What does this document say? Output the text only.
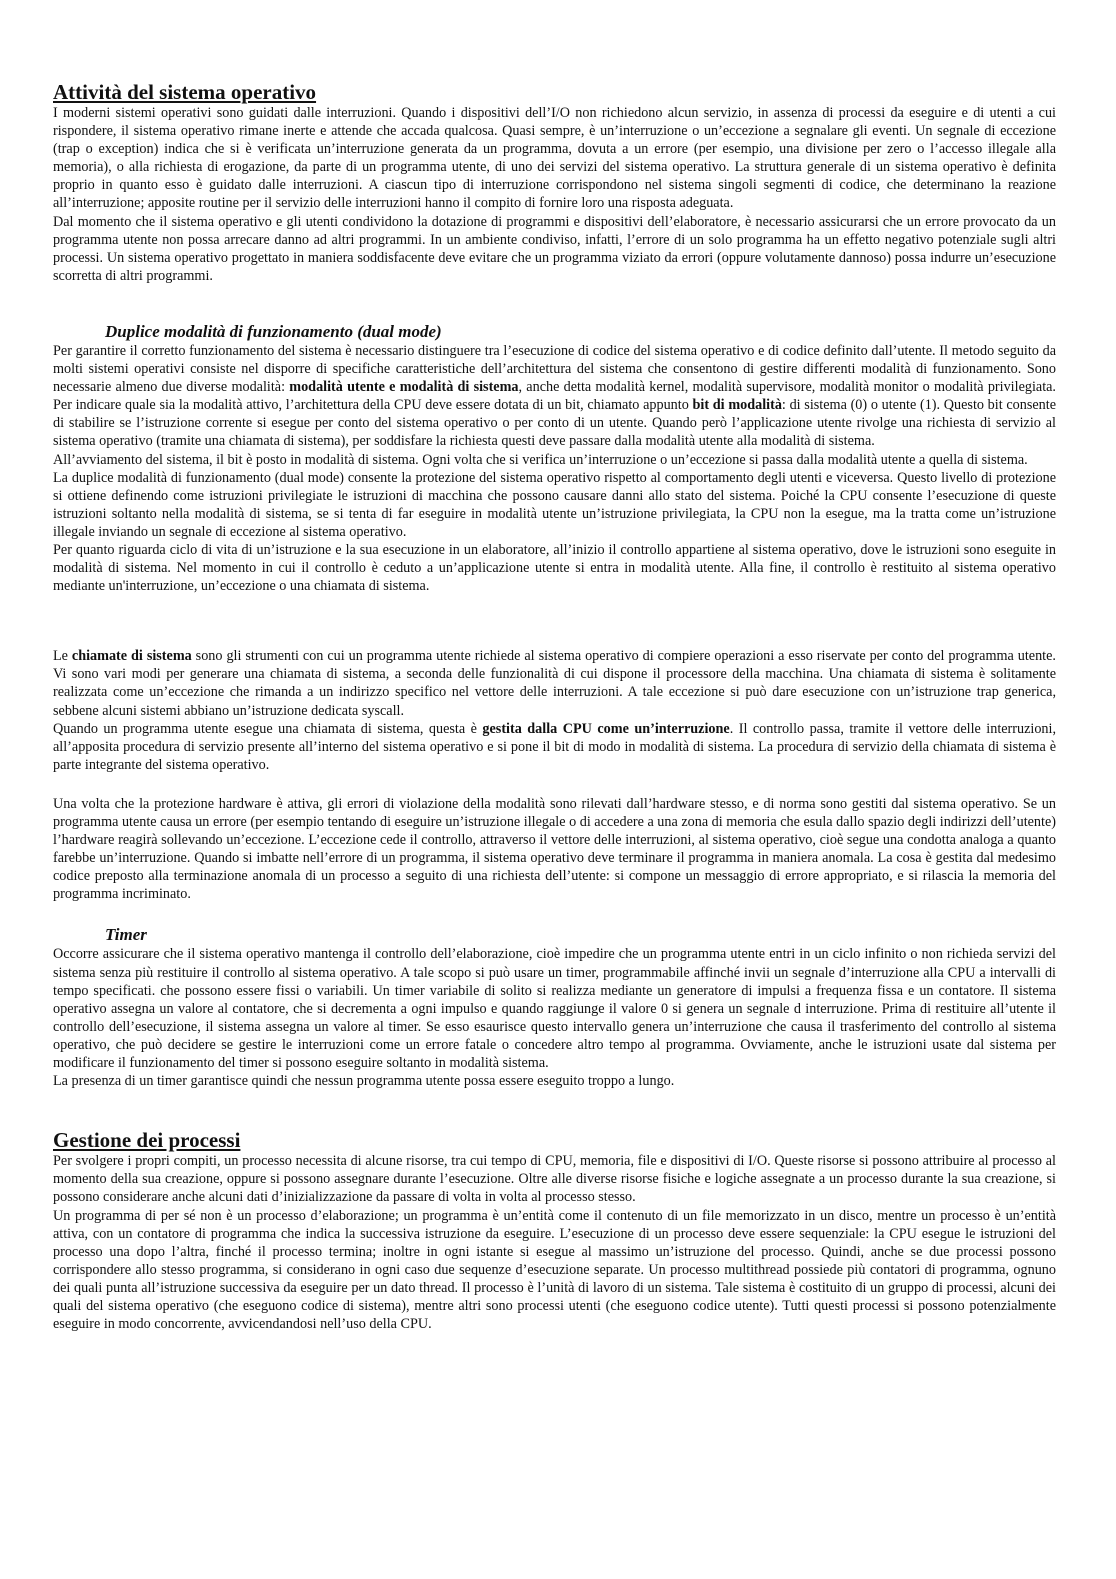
Attività del sistema operativo

I moderni sistemi operativi sono guidati dalle interruzioni. Quando i dispositivi dell’I/O non richiedono alcun servizio, in assenza di processi da eseguire e di utenti a cui rispondere, il sistema operativo rimane inerte e attende che accada qualcosa. Quasi sempre, è un’interruzione o un’eccezione a segnalare gli eventi. Un segnale di eccezione (trap o exception) indica che si è verificata un’interruzione generata da un programma, dovuta a un errore (per esempio, una divisione per zero o l’accesso illegale alla memoria), o alla richiesta di erogazione, da parte di un programma utente, di uno dei servizi del sistema operativo. La struttura generale di un sistema operativo è definita proprio in quanto esso è guidato dalle interruzioni. A ciascun tipo di interruzione corrispondono nel sistema singoli segmenti di codice, che determinano la reazione all’interruzione; apposite routine per il servizio delle interruzioni hanno il compito di fornire loro una risposta adeguata.

Dal momento che il sistema operativo e gli utenti condividono la dotazione di programmi e dispositivi dell’elaboratore, è necessario assicurarsi che un errore provocato da un programma utente non possa arrecare danno ad altri programmi. In un ambiente condiviso, infatti, l’errore di un solo programma ha un effetto negativo potenziale sugli altri processi. Un sistema operativo progettato in maniera soddisfacente deve evitare che un programma viziato da errori (oppure volutamente dannoso) possa indurre un’esecuzione scorretta di altri programmi.

Duplice modalità di funzionamento (dual mode)

Per garantire il corretto funzionamento del sistema è necessario distinguere tra l’esecuzione di codice del sistema operativo e di codice definito dall’utente. Il metodo seguito da molti sistemi operativi consiste nel disporre di specifiche caratteristiche dell’architettura del sistema che consentono di gestire differenti modalità di funzionamento. Sono necessarie almeno due diverse modalità: modalità utente e modalità di sistema, anche detta modalità kernel, modalità supervisore, modalità monitor o modalità privilegiata. Per indicare quale sia la modalità attivo, l’architettura della CPU deve essere dotata di un bit, chiamato appunto bit di modalità: di sistema (0) o utente (1). Questo bit consente di stabilire se l’istruzione corrente si esegue per conto del sistema operativo o per conto di un utente. Quando però l’applicazione utente rivolge una richiesta di servizio al sistema operativo (tramite una chiamata di sistema), per soddisfare la richiesta questi deve passare dalla modalità utente alla modalità di sistema.

All’avviamento del sistema, il bit è posto in modalità di sistema. Ogni volta che si verifica un’interruzione o un’eccezione si passa dalla modalità utente a quella di sistema.

La duplice modalità di funzionamento (dual mode) consente la protezione del sistema operativo rispetto al comportamento degli utenti e viceversa. Questo livello di protezione si ottiene definendo come istruzioni privilegiate le istruzioni di macchina che possono causare danni allo stato del sistema. Poiché la CPU consente l’esecuzione di queste istruzioni soltanto nella modalità di sistema, se si tenta di far eseguire in modalità utente un’istruzione privilegiata, la CPU non la esegue, ma la tratta come un’istruzione illegale inviando un segnale di eccezione al sistema operativo.

Per quanto riguarda ciclo di vita di un’istruzione e la sua esecuzione in un elaboratore, all’inizio il controllo appartiene al sistema operativo, dove le istruzioni sono eseguite in modalità di sistema. Nel momento in cui il controllo è ceduto a un’applicazione utente si entra in modalità utente. Alla fine, il controllo è restituito al sistema operativo mediante un'interruzione, un’eccezione o una chiamata di sistema.

Le chiamate di sistema sono gli strumenti con cui un programma utente richiede al sistema operativo di compiere operazioni a esso riservate per conto del programma utente. Vi sono vari modi per generare una chiamata di sistema, a seconda delle funzionalità di cui dispone il processore della macchina. Una chiamata di sistema è solitamente realizzata come un’eccezione che rimanda a un indirizzo specifico nel vettore delle interruzioni. A tale eccezione si può dare esecuzione con un’istruzione trap generica, sebbene alcuni sistemi abbiano un’istruzione dedicata syscall.

Quando un programma utente esegue una chiamata di sistema, questa è gestita dalla CPU come un’interruzione. Il controllo passa, tramite il vettore delle interruzioni, all’apposita procedura di servizio presente all’interno del sistema operativo e si pone il bit di modo in modalità di sistema. La procedura di servizio della chiamata di sistema è parte integrante del sistema operativo.

Una volta che la protezione hardware è attiva, gli errori di violazione della modalità sono rilevati dall’hardware stesso, e di norma sono gestiti dal sistema operativo. Se un programma utente causa un errore (per esempio tentando di eseguire un’istruzione illegale o di accedere a una zona di memoria che esula dallo spazio degli indirizzi dell’utente) l’hardware reagirà sollevando un’eccezione. L’eccezione cede il controllo, attraverso il vettore delle interruzioni, al sistema operativo, cioè segue una condotta analoga a quanto farebbe un’interruzione. Quando si imbatte nell’errore di un programma, il sistema operativo deve terminare il programma in maniera anomala. La cosa è gestita dal medesimo codice preposto alla terminazione anomala di un processo a seguito di una richiesta dell’utente: si compone un messaggio di errore appropriato, e si rilascia la memoria del programma incriminato.

Timer

Occorre assicurare che il sistema operativo mantenga il controllo dell’elaborazione, cioè impedire che un programma utente entri in un ciclo infinito o non richieda servizi del sistema senza più restituire il controllo al sistema operativo. A tale scopo si può usare un timer, programmabile affinché invii un segnale d’interruzione alla CPU a intervalli di tempo specificati. che possono essere fissi o variabili. Un timer variabile di solito si realizza mediante un generatore di impulsi a frequenza fissa e un contatore. Il sistema operativo assegna un valore al contatore, che si decrementa a ogni impulso e quando raggiunge il valore 0 si genera un segnale d interruzione. Prima di restituire all’utente il controllo dell’esecuzione, il sistema assegna un valore al timer. Se esso esaurisce questo intervallo genera un’interruzione che causa il trasferimento del controllo al sistema operativo, che può decidere se gestire le interruzioni come un errore fatale o concedere altro tempo al programma. Ovviamente, anche le istruzioni usate dal sistema per modificare il funzionamento del timer si possono eseguire soltanto in modalità sistema.

La presenza di un timer garantisce quindi che nessun programma utente possa essere eseguito troppo a lungo.

Gestione dei processi

Per svolgere i propri compiti, un processo necessita di alcune risorse, tra cui tempo di CPU, memoria, file e dispositivi di I/O. Queste risorse si possono attribuire al processo al momento della sua creazione, oppure si possono assegnare durante l’esecuzione. Oltre alle diverse risorse fisiche e logiche assegnate a un processo durante la sua creazione, si possono considerare anche alcuni dati d’inizializzazione da passare di volta in volta al processo stesso.

Un programma di per sé non è un processo d’elaborazione; un programma è un’entità come il contenuto di un file memorizzato in un disco, mentre un processo è un’entità attiva, con un contatore di programma che indica la successiva istruzione da eseguire. L’esecuzione di un processo deve essere sequenziale: la CPU esegue le istruzioni del processo una dopo l’altra, finché il processo termina; inoltre in ogni istante si esegue al massimo un’istruzione del processo. Quindi, anche se due processi possono corrispondere allo stesso programma, si considerano in ogni caso due sequenze d’esecuzione separate. Un processo multithread possiede più contatori di programma, ognuno dei quali punta all’istruzione successiva da eseguire per un dato thread. Il processo è l’unità di lavoro di un sistema. Tale sistema è costituito di un gruppo di processi, alcuni dei quali del sistema operativo (che eseguono codice di sistema), mentre altri sono processi utenti (che eseguono codice utente). Tutti questi processi si possono potenzialmente eseguire in modo concorrente, avvicendandosi nell’uso della CPU.
